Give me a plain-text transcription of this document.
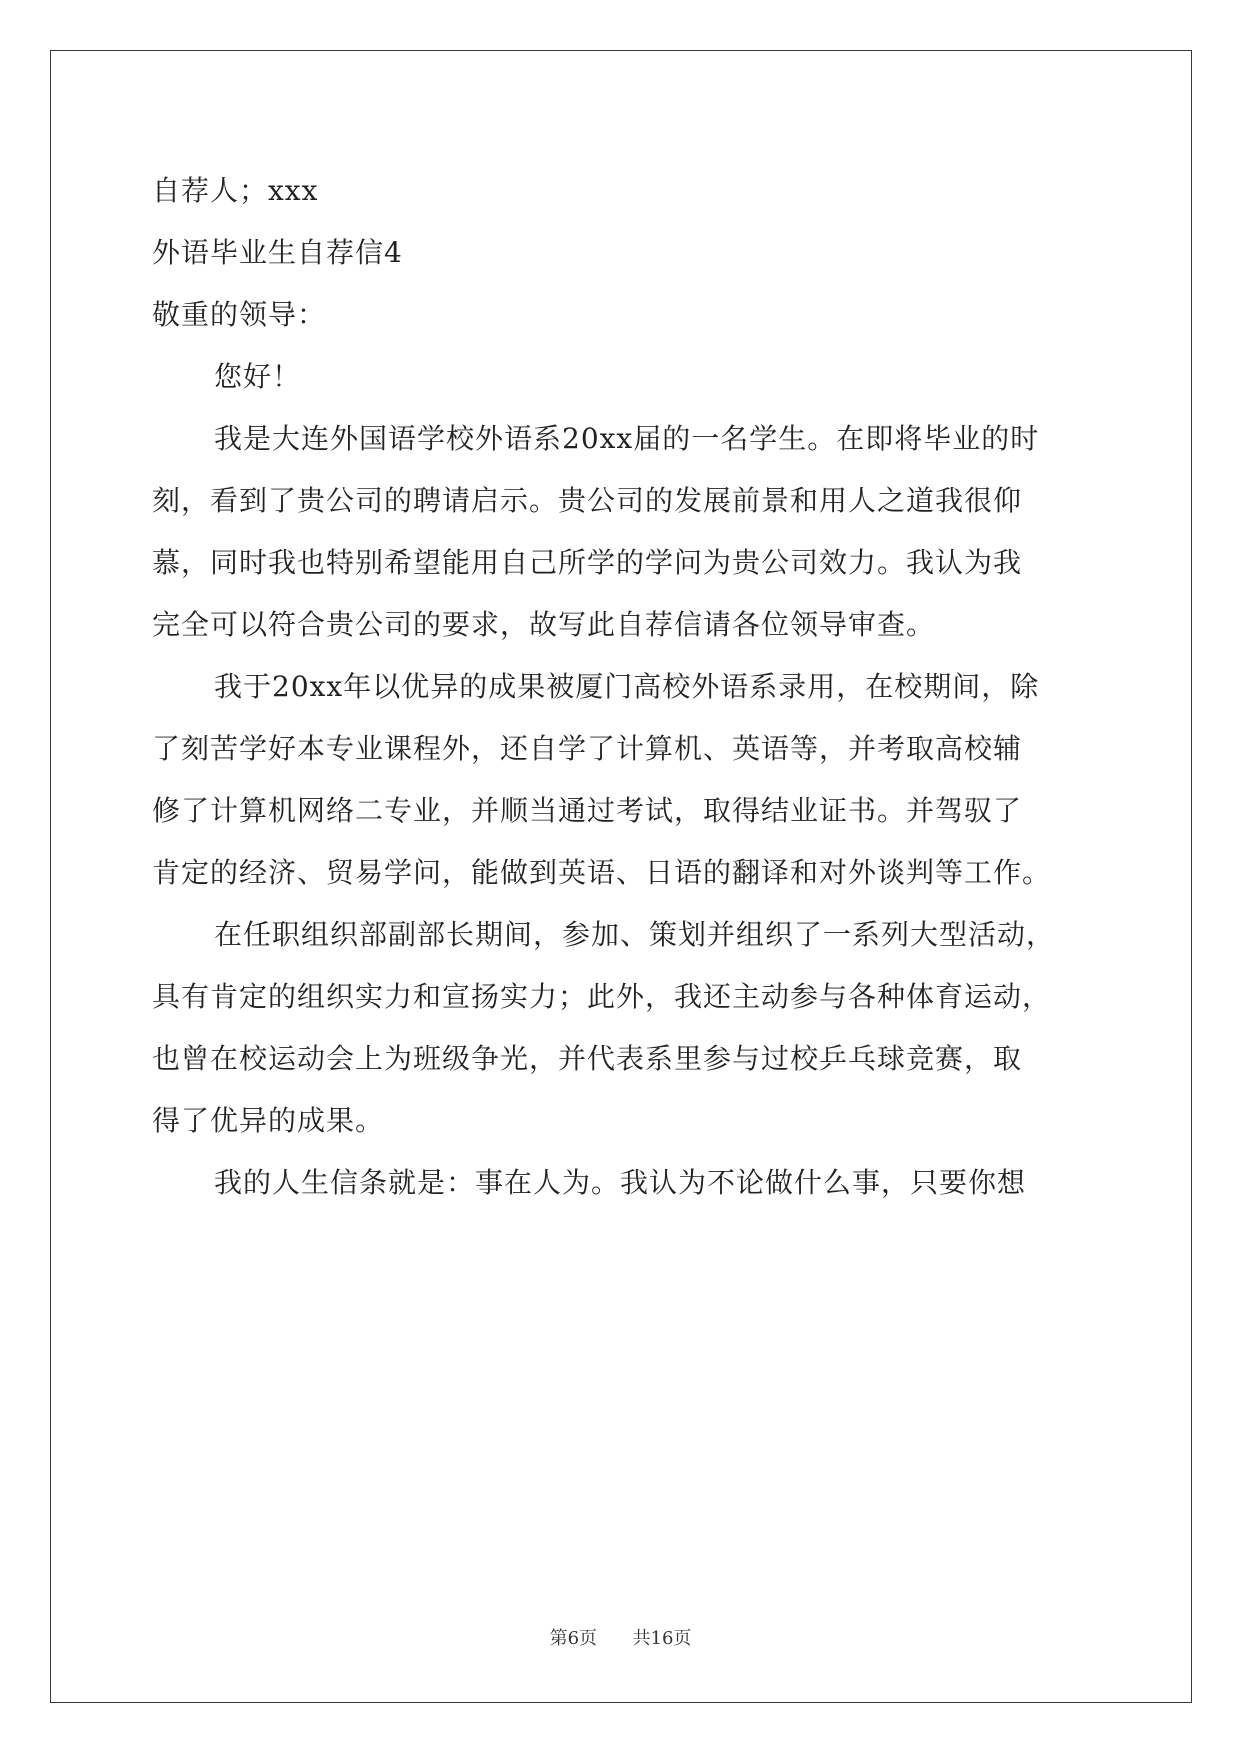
自荐人；xxx
外语毕业生自荐信4
敬重的领导：
您好！
我是大连外国语学校外语系20xx届的一名学生。在即将毕业的时
刻，看到了贵公司的聘请启示。贵公司的发展前景和用人之道我很仰
慕，同时我也特别希望能用自己所学的学问为贵公司效力。我认为我
完全可以符合贵公司的要求，故写此自荐信请各位领导审查。
我于20xx年以优异的成果被厦门高校外语系录用，在校期间，除
了刻苦学好本专业课程外，还自学了计算机、英语等，并考取高校辅
修了计算机网络二专业，并顺当通过考试，取得结业证书。并驾驭了
肯定的经济、贸易学问，能做到英语、日语的翻译和对外谈判等工作。
在任职组织部副部长期间，参加、策划并组织了一系列大型活动，
具有肯定的组织实力和宣扬实力；此外，我还主动参与各种体育运动，
也曾在校运动会上为班级争光，并代表系里参与过校乒乓球竞赛，取
得了优异的成果。
我的人生信条就是：事在人为。我认为不论做什么事，只要你想
第6页 共16页
